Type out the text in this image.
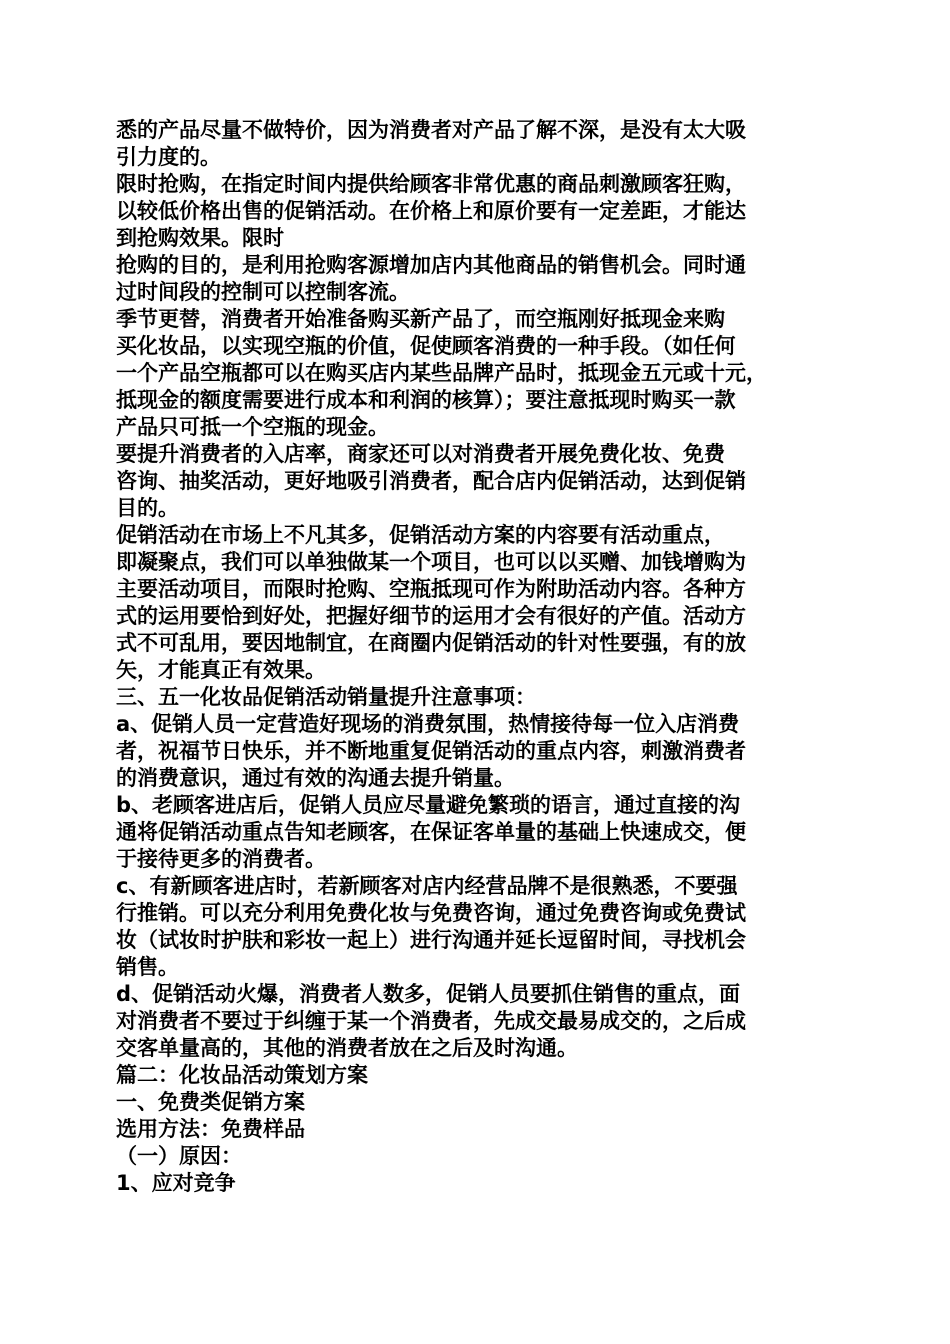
悉的产品尽量不做特价，因为消费者对产品了解不深，是没有太大吸
引力度的。
限时抢购，在指定时间内提供给顾客非常优惠的商品刺激顾客狂购，
以较低价格出售的促销活动。在价格上和原价要有一定差距，才能达
到抢购效果。限时
抢购的目的，是利用抢购客源增加店内其他商品的销售机会。同时通
过时间段的控制可以控制客流。
季节更替，消费者开始准备购买新产品了，而空瓶刚好抵现金来购
买化妆品，以实现空瓶的价值，促使顾客消费的一种手段。（如任何
一个产品空瓶都可以在购买店内某些品牌产品时，抵现金五元或十元，
抵现金的额度需要进行成本和利润的核算）；要注意抵现时购买一款
产品只可抵一个空瓶的现金。
要提升消费者的入店率，商家还可以对消费者开展免费化妆、免费
咨询、抽奖活动，更好地吸引消费者，配合店内促销活动，达到促销
目的。
促销活动在市场上不凡其多，促销活动方案的内容要有活动重点，
即凝聚点，我们可以单独做某一个项目，也可以以买赠、加钱增购为
主要活动项目，而限时抢购、空瓶抵现可作为附助活动内容。各种方
式的运用要恰到好处，把握好细节的运用才会有很好的产值。活动方
式不可乱用，要因地制宜，在商圈内促销活动的针对性要强，有的放
矢，才能真正有效果。
三、五一化妆品促销活动销量提升注意事项：
a、促销人员一定营造好现场的消费氛围，热情接待每一位入店消费
者，祝福节日快乐，并不断地重复促销活动的重点内容，刺激消费者
的消费意识，通过有效的沟通去提升销量。
b、老顾客进店后，促销人员应尽量避免繁琐的语言，通过直接的沟
通将促销活动重点告知老顾客，在保证客单量的基础上快速成交，便
于接待更多的消费者。
c、有新顾客进店时，若新顾客对店内经营品牌不是很熟悉，不要强
行推销。可以充分利用免费化妆与免费咨询，通过免费咨询或免费试
妆（试妆时护肤和彩妆一起上）进行沟通并延长逗留时间，寻找机会
销售。
d、促销活动火爆，消费者人数多，促销人员要抓住销售的重点，面
对消费者不要过于纠缠于某一个消费者，先成交最易成交的，之后成
交客单量高的，其他的消费者放在之后及时沟通。
篇二：化妆品活动策划方案
一、免费类促销方案
选用方法：免费样品
（一）原因：
1、应对竞争
